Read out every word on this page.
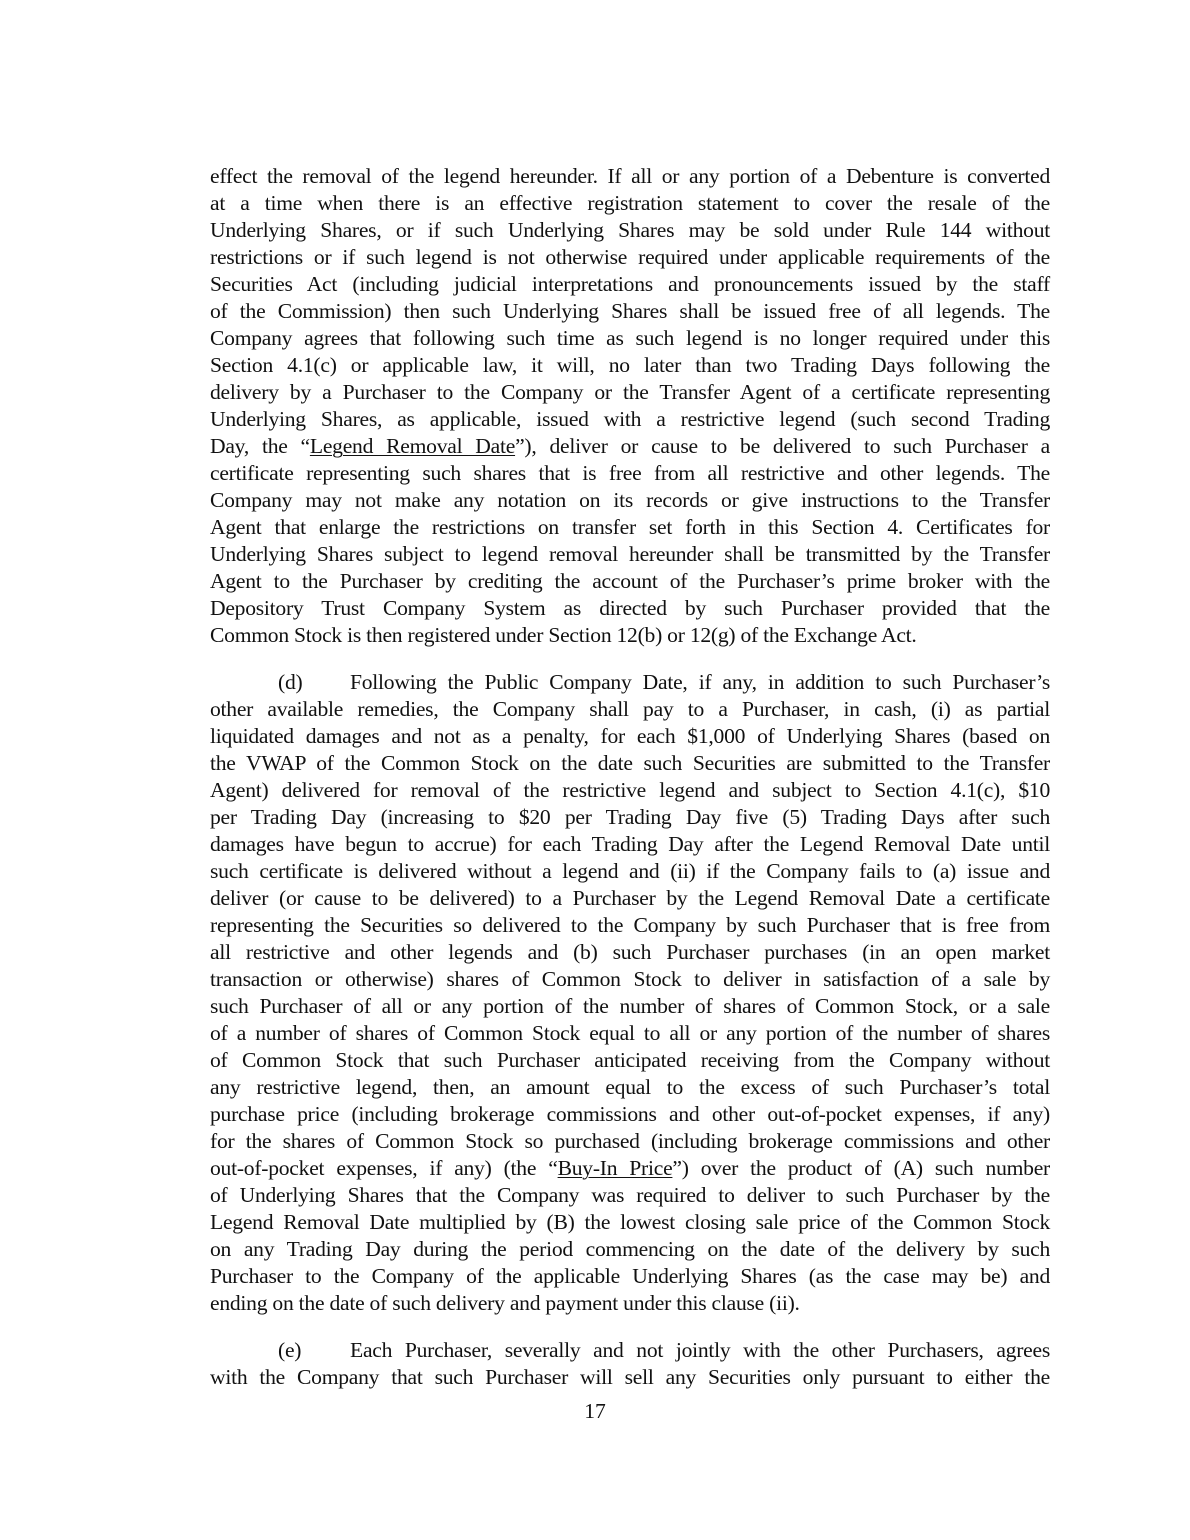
effect the removal of the legend hereunder. If all or any portion of a Debenture is converted
at a time when there is an effective registration statement to cover the resale of the
Underlying Shares, or if such Underlying Shares may be sold under Rule 144 without
restrictions or if such legend is not otherwise required under applicable requirements of the
Securities Act (including judicial interpretations and pronouncements issued by the staff
of the Commission) then such Underlying Shares shall be issued free of all legends. The
Company agrees that following such time as such legend is no longer required under this
Section 4.1(c) or applicable law, it will, no later than two Trading Days following the
delivery by a Purchaser to the Company or the Transfer Agent of a certificate representing
Underlying Shares, as applicable, issued with a restrictive legend (such second Trading
Day, the “Legend Removal Date”), deliver or cause to be delivered to such Purchaser a
certificate representing such shares that is free from all restrictive and other legends. The
Company may not make any notation on its records or give instructions to the Transfer
Agent that enlarge the restrictions on transfer set forth in this Section 4. Certificates for
Underlying Shares subject to legend removal hereunder shall be transmitted by the Transfer
Agent to the Purchaser by crediting the account of the Purchaser’s prime broker with the
Depository Trust Company System as directed by such Purchaser provided that the
Common Stock is then registered under Section 12(b) or 12(g) of the Exchange Act.
(d) Following the Public Company Date, if any, in addition to such Purchaser’s
other available remedies, the Company shall pay to a Purchaser, in cash, (i) as partial
liquidated damages and not as a penalty, for each $1,000 of Underlying Shares (based on
the VWAP of the Common Stock on the date such Securities are submitted to the Transfer
Agent) delivered for removal of the restrictive legend and subject to Section 4.1(c), $10
per Trading Day (increasing to $20 per Trading Day five (5) Trading Days after such
damages have begun to accrue) for each Trading Day after the Legend Removal Date until
such certificate is delivered without a legend and (ii) if the Company fails to (a) issue and
deliver (or cause to be delivered) to a Purchaser by the Legend Removal Date a certificate
representing the Securities so delivered to the Company by such Purchaser that is free from
all restrictive and other legends and (b) such Purchaser purchases (in an open market
transaction or otherwise) shares of Common Stock to deliver in satisfaction of a sale by
such Purchaser of all or any portion of the number of shares of Common Stock, or a sale
of a number of shares of Common Stock equal to all or any portion of the number of shares
of Common Stock that such Purchaser anticipated receiving from the Company without
any restrictive legend, then, an amount equal to the excess of such Purchaser’s total
purchase price (including brokerage commissions and other out-of-pocket expenses, if any)
for the shares of Common Stock so purchased (including brokerage commissions and other
out-of-pocket expenses, if any) (the “Buy-In Price”) over the product of (A) such number
of Underlying Shares that the Company was required to deliver to such Purchaser by the
Legend Removal Date multiplied by (B) the lowest closing sale price of the Common Stock
on any Trading Day during the period commencing on the date of the delivery by such
Purchaser to the Company of the applicable Underlying Shares (as the case may be) and
ending on the date of such delivery and payment under this clause (ii).
(e) Each Purchaser, severally and not jointly with the other Purchasers, agrees
with the Company that such Purchaser will sell any Securities only pursuant to either the
17
